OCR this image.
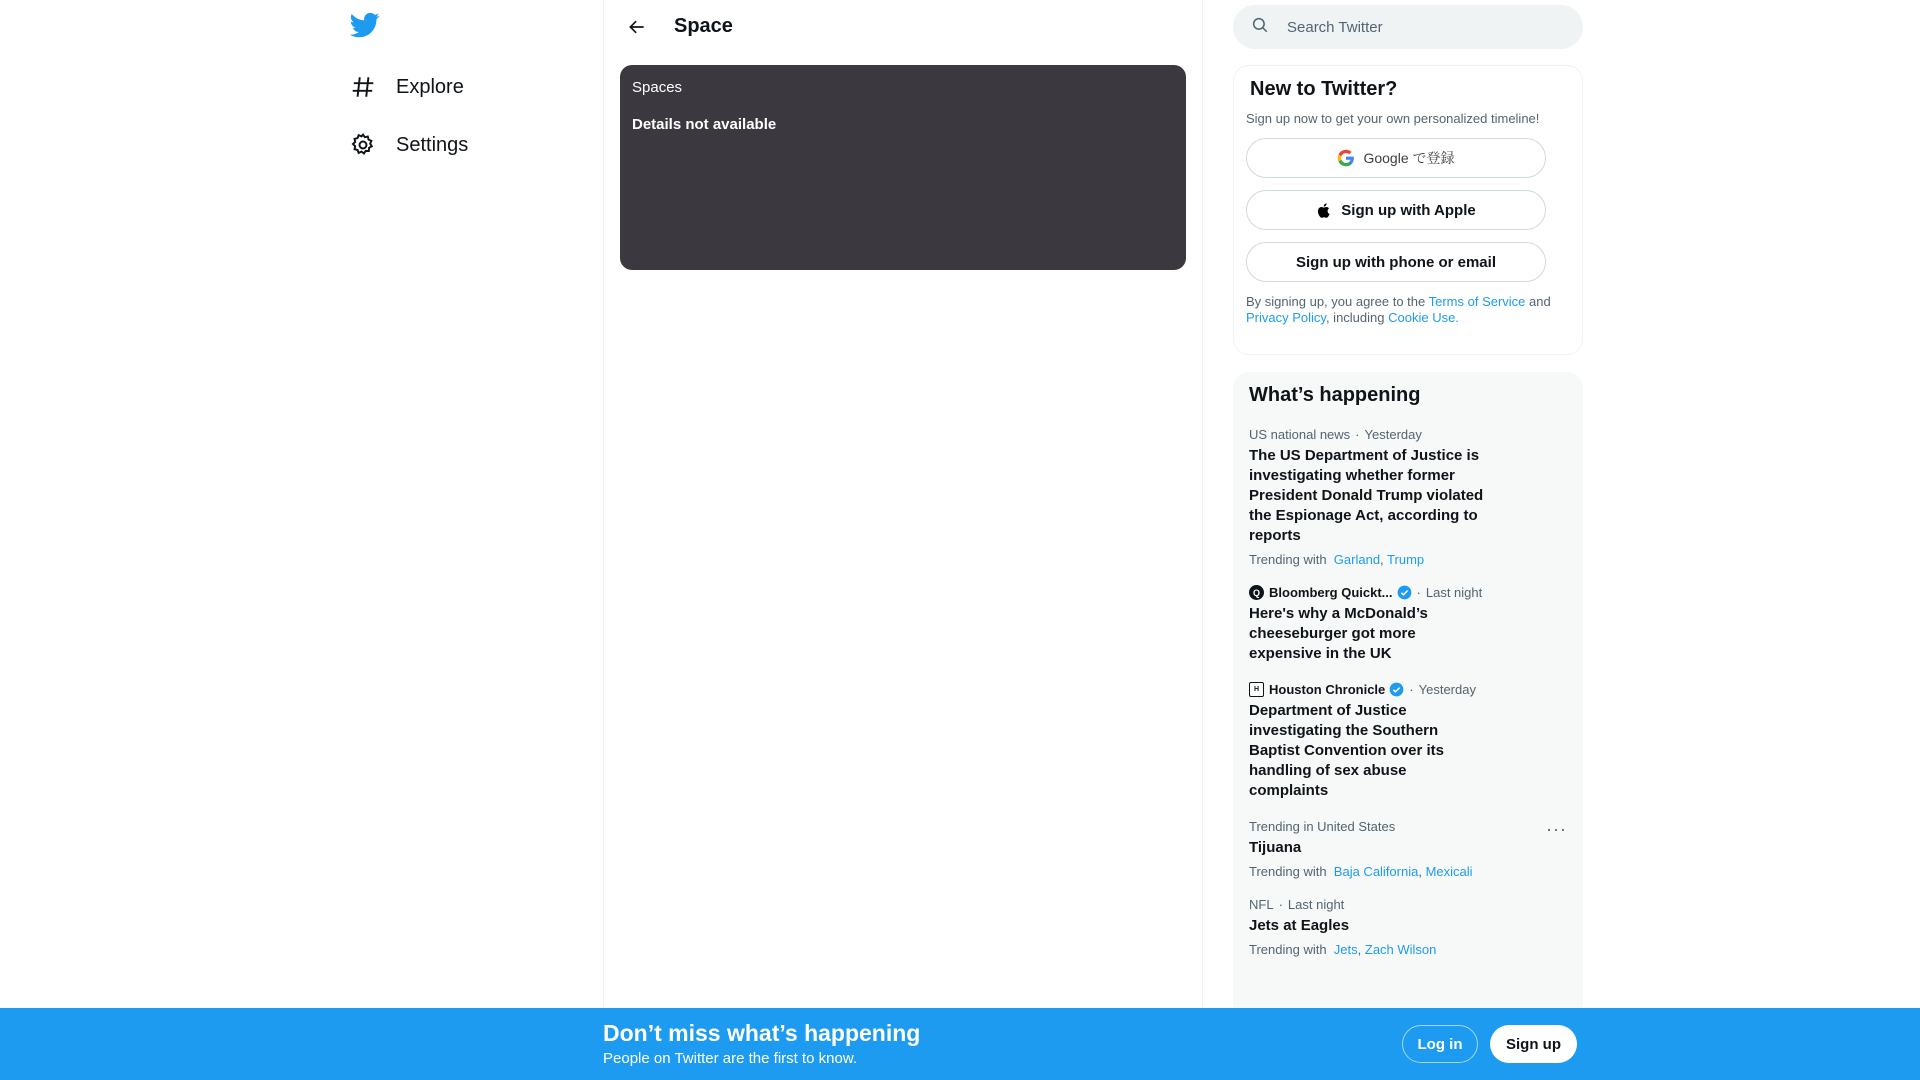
Explore
Settings
Space
Spaces
Details not available
Search Twitter
New to Twitter?
Sign up now to get your own personalized timeline!
Google で登録
Sign up with Apple
Sign up with phone or email
By signing up, you agree to the Terms of Service and Privacy Policy, including Cookie Use.
What’s happening
US national news · Yesterday
The US Department of Justice is investigating whether former President Donald Trump violated the Espionage Act, according to reports
Trending with Garland, Trump
Q Bloomberg Quickt... · Last night
Here's why a McDonald’s cheeseburger got more expensive in the UK
H Houston Chronicle · Yesterday
Department of Justice investigating the Southern Baptist Convention over its handling of sex abuse complaints
Trending in United States	···
Tijuana
Trending with Baja California, Mexicali
NFL · Last night
Jets at Eagles
Trending with Jets, Zach Wilson
Don’t miss what’s happening
People on Twitter are the first to know.
Log in	Sign up
